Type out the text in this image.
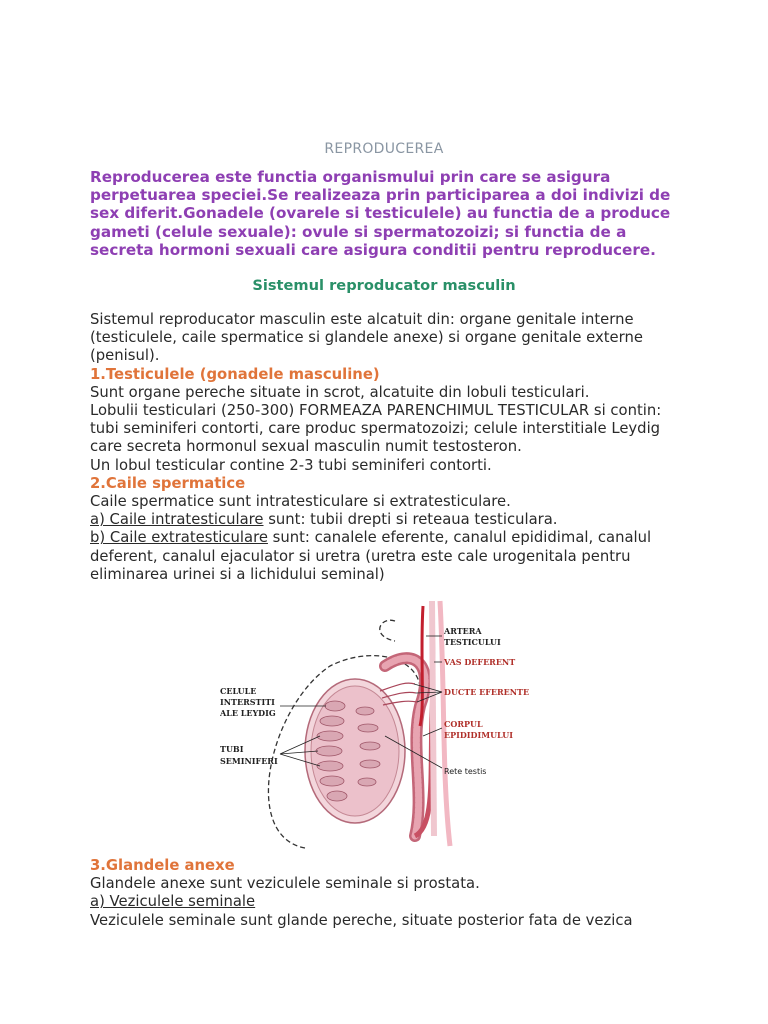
REPRODUCEREA
Reproducerea este functia organismului prin care se asigura perpetuarea speciei.Se realizeaza prin participarea a doi indivizi de sex diferit.Gonadele (ovarele si testiculele) au functia de a produce gameti (celule sexuale): ovule si spermatozoizi; si functia de a secreta hormoni sexuali care asigura conditii pentru reproducere.
Sistemul reproducator masculin

Sistemul reproducator masculin este alcatuit din: organe genitale interne (testiculele, caile spermatice si glandele anexe) si organe genitale externe (penisul).

1.Testiculele (gonadele masculine)

Sunt organe pereche situate in scrot, alcatuite din lobuli testiculari.

Lobulii testiculari (250-300) FORMEAZA PARENCHIMUL TESTICULAR si contin: tubi seminiferi contorti, care produc spermatozoizi; celule interstitiale Leydig care secreta hormonul sexual masculin numit testosteron.

Un lobul testicular contine 2-3 tubi seminiferi contorti.

2.Caile spermatice

Caile spermatice sunt intratesticulare si extratesticulare.

a) Caile intratesticulare sunt: tubii drepti si reteaua testiculara.

b) Caile extratesticulare sunt: canalele eferente, canalul epididimal, canalul deferent, canalul ejaculator si uretra (uretra este cale urogenitala pentru eliminarea urinei si a lichidului seminal)

ARTERA
TESTICULUI
VAS DEFERENT
DUCTE EFERENTE
CORPUL
EPIDIDIMULUI
Rete testis
CELULE
INTERSTITI
ALE LEYDIG
TUBI
SEMINIFERI

3.Glandele anexe

Glandele anexe sunt veziculele seminale si prostata.

a) Veziculele seminale

Veziculele seminale sunt glande pereche, situate posterior fata de vezica
